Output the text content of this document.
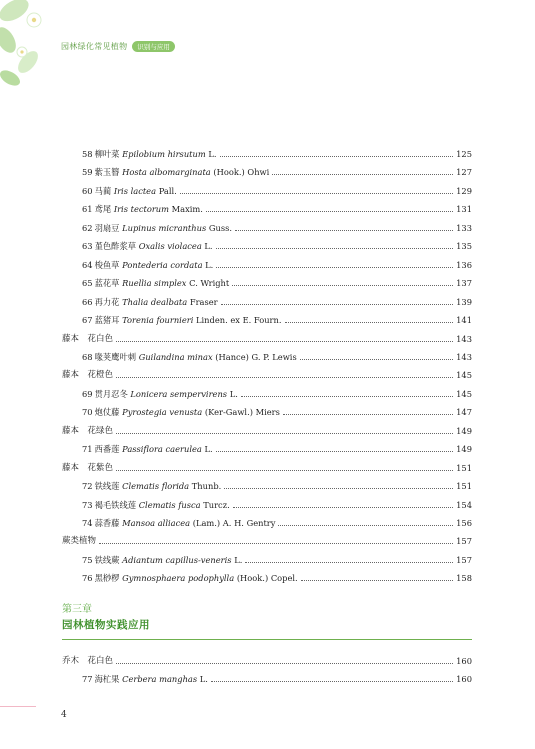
园林绿化常见植物	识别与应用
58 柳叶菜 Epilobium hirsutum L.	125
59 紫玉簪 Hosta albomarginata (Hook.) Ohwi	127
60 马蔺 Iris lactea Pall.	129
61 鸢尾 Iris tectorum Maxim.	131
62 羽扇豆 Lupinus micranthus Guss.	133
63 堇色酢浆草 Oxalis violacea L.	135
64 梭鱼草 Pontederia cordata L.	136
65 蓝花草 Ruellia simplex C. Wright	137
66 再力花 Thalia dealbata Fraser	139
67 蓝猪耳 Torenia fournieri Linden. ex E. Fourn.	141
藤本　花白色	143
68 喙荚鹰叶刺 Guilandina minax (Hance) G. P. Lewis	143
藤本　花橙色	145
69 贯月忍冬 Lonicera sempervirens L.	145
70 炮仗藤 Pyrostegia venusta (Ker-Gawl.) Miers	147
藤本　花绿色	149
71 西番莲 Passiflora caerulea L.	149
藤本　花紫色	151
72 铁线莲 Clematis florida Thunb.	151
73 褐毛铁线莲 Clematis fusca Turcz.	154
74 蒜香藤 Mansoa alliacea (Lam.) A. H. Gentry	156
蕨类植物	157
75 铁线蕨 Adiantum capillus-veneris L.	157
76 黑桫椤 Gymnosphaera podophylla (Hook.) Copel.	158
第三章
园林植物实践应用
乔木　花白色	160
77 海杧果 Cerbera manghas L.	160
4
